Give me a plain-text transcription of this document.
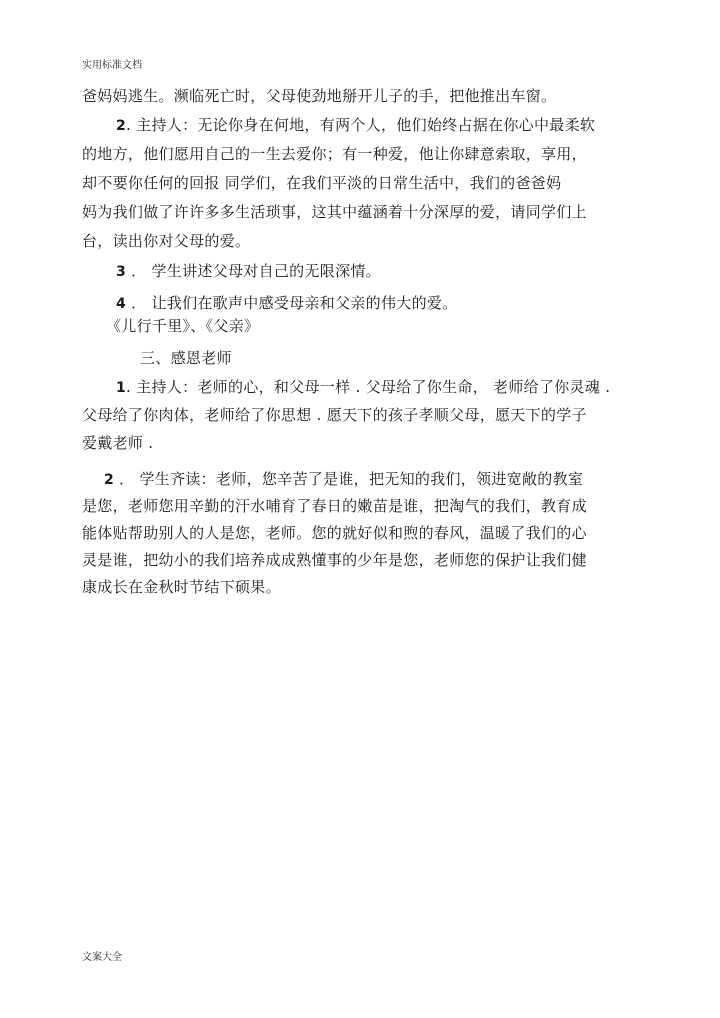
实用标准文档
爸妈妈逃生。濒临死亡时，父母使劲地掰开儿子的手，把他推出车窗。
2. 主持人：无论你身在何地，有两个人，他们始终占据在你心中最柔软
的地方，他们愿用自己的一生去爱你；有一种爱，他让你肆意索取，享用，
却不要你任何的回报 同学们，在我们平淡的日常生活中，我们的爸爸妈
妈为我们做了许许多多生活琐事，这其中蕴涵着十分深厚的爱，请同学们上
台，读出你对父母的爱。
3 ． 学生讲述父母对自己的无限深情。
4 ． 让我们在歌声中感受母亲和父亲的伟大的爱。
《儿行千里》、《父亲》
三、感恩老师
1. 主持人：老师的心，和父母一样 . 父母给了你生命， 老师给了你灵魂 .
父母给了你肉体，老师给了你思想 . 愿天下的孩子孝顺父母，愿天下的学子
爱戴老师 .
2 ． 学生齐读：老师，您辛苦了是谁，把无知的我们，领进宽敞的教室
是您，老师您用辛勤的汗水哺育了春日的嫩苗是谁，把淘气的我们，教育成
能体贴帮助别人的人是您，老师。您的就好似和煦的春风，温暖了我们的心
灵是谁，把幼小的我们培养成成熟懂事的少年是您，老师您的保护让我们健
康成长在金秋时节结下硕果。
文案大全
